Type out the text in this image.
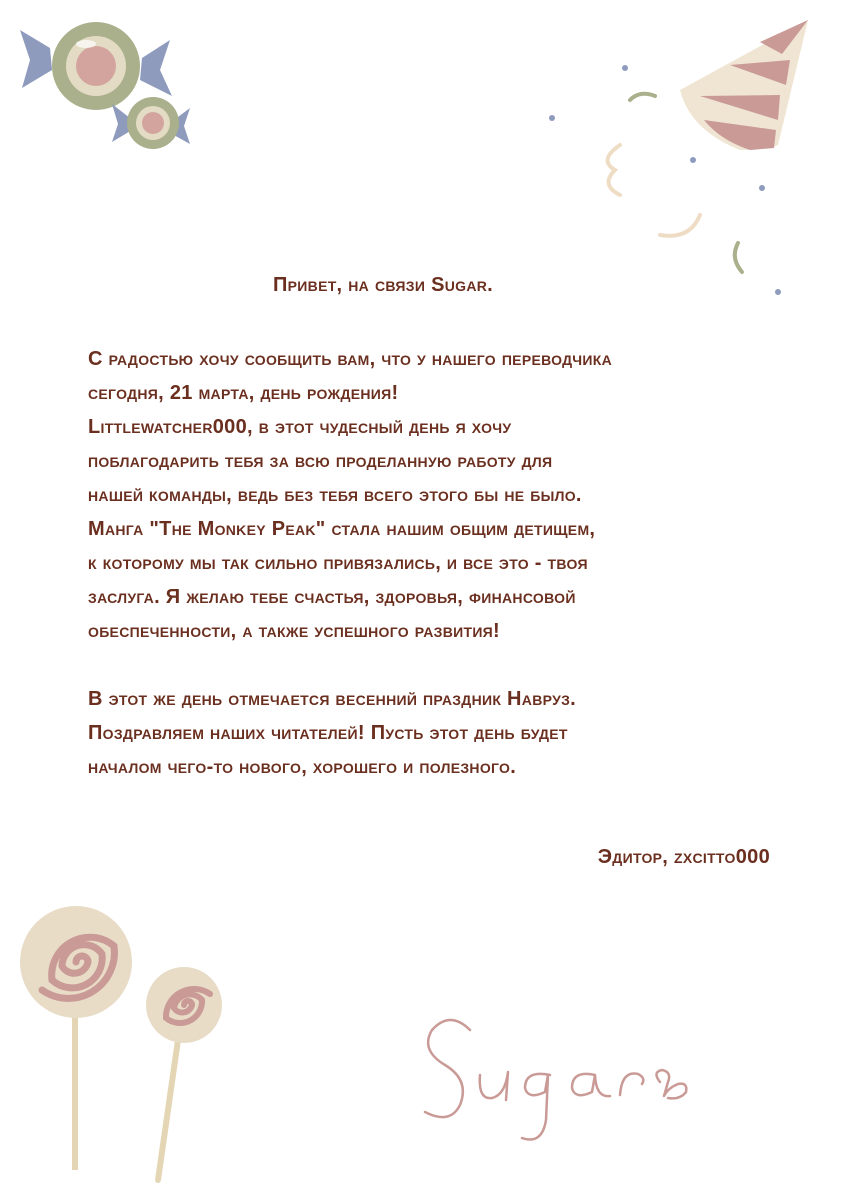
Привет, на связи Sugar.

С радостью хочу сообщить вам, что у нашего переводчика
сегодня, 21 марта, день рождения!
Littlewatcher000, в этот чудесный день я хочу
поблагодарить тебя за всю проделанную работу для
нашей команды, ведь без тебя всего этого бы не было.
Манга "The Monkey Peak" стала нашим общим детищем,
к которому мы так сильно привязались, и все это - твоя
заслуга. Я желаю тебе счастья, здоровья, финансовой
обеспеченности, а также успешного развития!

В этот же день отмечается весенний праздник Навруз.
Поздравляем наших читателей! Пусть этот день будет
началом чего-то нового, хорошего и полезного.

Эдитор, zxcitto000
